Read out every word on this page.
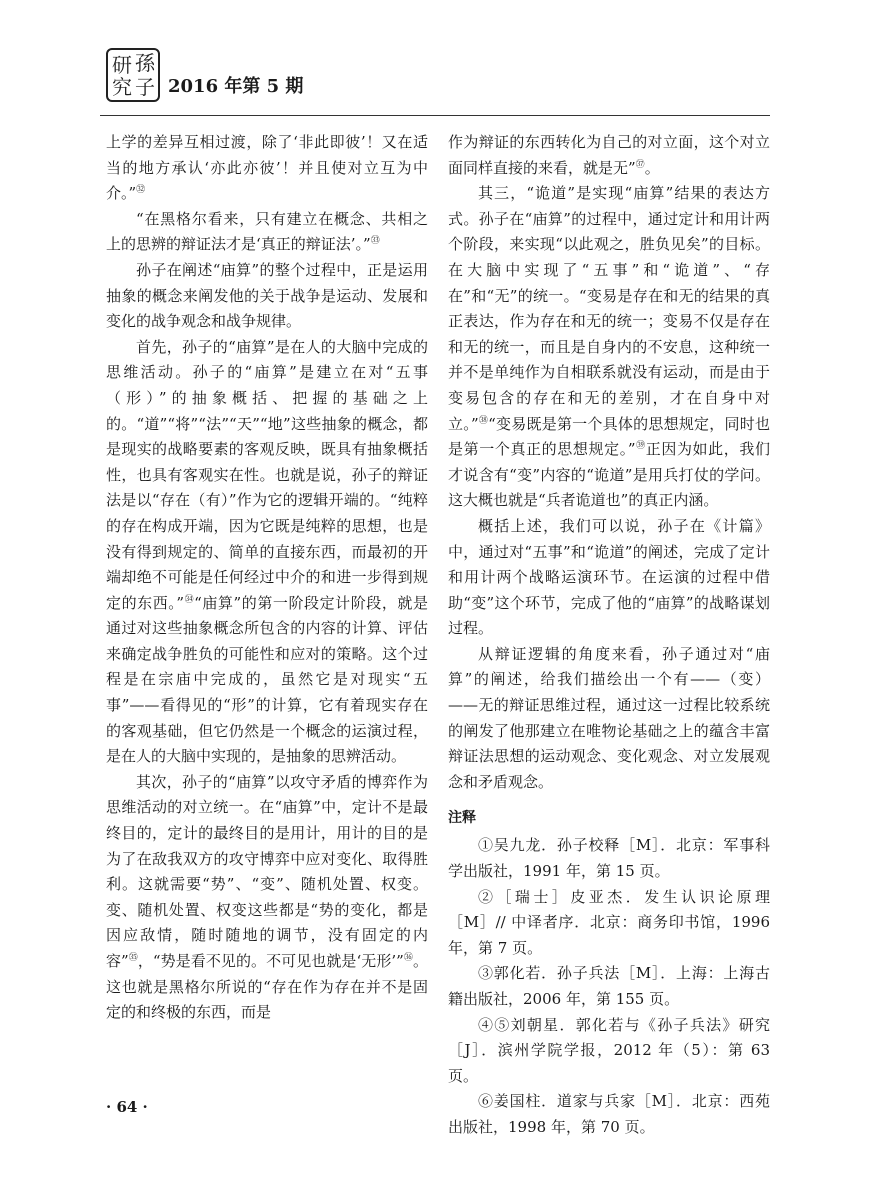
研 孫
究 子 2016 年第 5 期

上学的差异互相过渡，除了‘非此即彼’！又在适当的地方承认‘亦此亦彼’！并且使对立互为中介。”$^㉜$

“在黑格尔看来，只有建立在概念、共相之上的思辨的辩证法才是‘真正的辩证法’。”$^㉝$

孙子在阐述“庙算”的整个过程中，正是运用抽象的概念来阐发他的关于战争是运动、发展和变化的战争观念和战争规律。

首先，孙子的“庙算”是在人的大脑中完成的思维活动。孙子的“庙算”是建立在对“五事（形）”的抽象概括、把握的基础之上的。“道”“将”“法”“天”“地”这些抽象的概念，都是现实的战略要素的客观反映，既具有抽象概括性，也具有客观实在性。也就是说，孙子的辩证法是以“存在（有）”作为它的逻辑开端的。“纯粹的存在构成开端，因为它既是纯粹的思想，也是没有得到规定的、简单的直接东西，而最初的开端却绝不可能是任何经过中介的和进一步得到规定的东西。”$^㉞$“庙算”的第一阶段定计阶段，就是通过对这些抽象概念所包含的内容的计算、评估来确定战争胜负的可能性和应对的策略。这个过程是在宗庙中完成的，虽然它是对现实“五事”——看得见的“形”的计算，它有着现实存在的客观基础，但它仍然是一个概念的运演过程，是在人的大脑中实现的，是抽象的思辨活动。

其次，孙子的“庙算”以攻守矛盾的博弈作为思维活动的对立统一。在“庙算”中，定计不是最终目的，定计的最终目的是用计，用计的目的是为了在敌我双方的攻守博弈中应对变化、取得胜利。这就需要“势”、“变”、随机处置、权变。变、随机处置、权变这些都是“势的变化，都是因应敌情，随时随地的调节，没有固定的内容”$^㉟$，“势是看不见的。不可见也就是‘无形’”$^㊱$。这也就是黑格尔所说的“存在作为存在并不是固定的和终极的东西，而是

作为辩证的东西转化为自己的对立面，这个对立面同样直接的来看，就是无”$^㊲$。

其三，“诡道”是实现“庙算”结果的表达方式。孙子在“庙算”的过程中，通过定计和用计两个阶段，来实现“以此观之，胜负见矣”的目标。在大脑中实现了“五事”和“诡道”、“存在”和“无”的统一。“变易是存在和无的结果的真正表达，作为存在和无的统一；变易不仅是存在和无的统一，而且是自身内的不安息，这种统一并不是单纯作为自相联系就没有运动，而是由于变易包含的存在和无的差别，才在自身中对立。”$^㊳$“变易既是第一个具体的思想规定，同时也是第一个真正的思想规定。”$^㊴$正因为如此，我们才说含有“变”内容的“诡道”是用兵打仗的学问。这大概也就是“兵者诡道也”的真正内涵。

概括上述，我们可以说，孙子在《计篇》中，通过对“五事”和“诡道”的阐述，完成了定计和用计两个战略运演环节。在运演的过程中借助“变”这个环节，完成了他的“庙算”的战略谋划过程。

从辩证逻辑的角度来看，孙子通过对“庙算”的阐述，给我们描绘出一个有——（变）——无的辩证思维过程，通过这一过程比较系统的阐发了他那建立在唯物论基础之上的蕴含丰富辩证法思想的运动观念、变化观念、对立发展观念和矛盾观念。

注释

①吴九龙．孙子校释［M］．北京：军事科学出版社，1991 年，第 15 页。

②［瑞士］皮亚杰．发生认识论原理［M］// 中译者序．北京：商务印书馆，1996 年，第 7 页。

③郭化若．孙子兵法［M］．上海：上海古籍出版社，2006 年，第 155 页。

④⑤刘朝星．郭化若与《孙子兵法》研究［J］．滨州学院学报，2012 年（5）：第 63 页。

⑥姜国柱．道家与兵家［M］．北京：西苑出版社，1998 年，第 70 页。

· 64 ·
